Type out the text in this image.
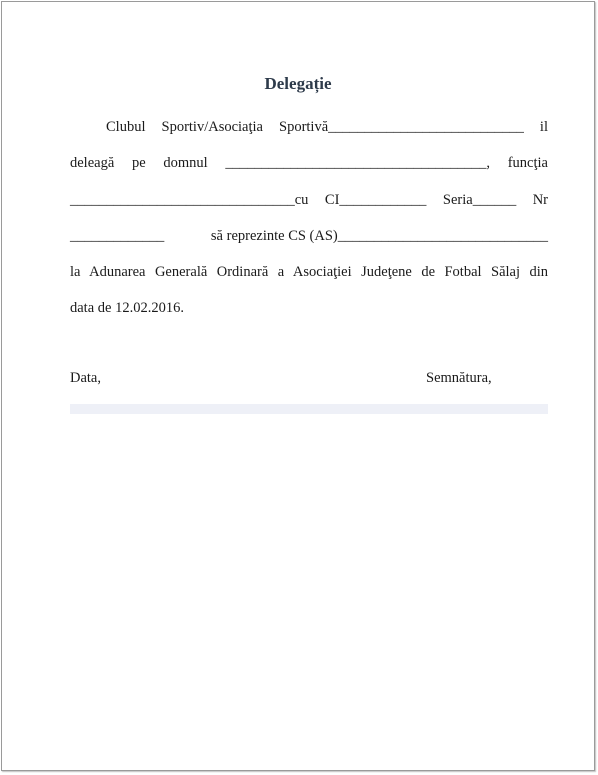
Delegație
Clubul Sportiv/Asociaţia Sportivă___________________________ il
deleagă pe domnul ____________________________________, funcţia
_______________________________cu CI____________ Seria______ Nr
_____________	să reprezinte CS (AS)_____________________________
la Adunarea Generală Ordinară a Asociaţiei Judeţene de Fotbal Sălaj din
data de 12.02.2016.
Data,	Semnătura,
